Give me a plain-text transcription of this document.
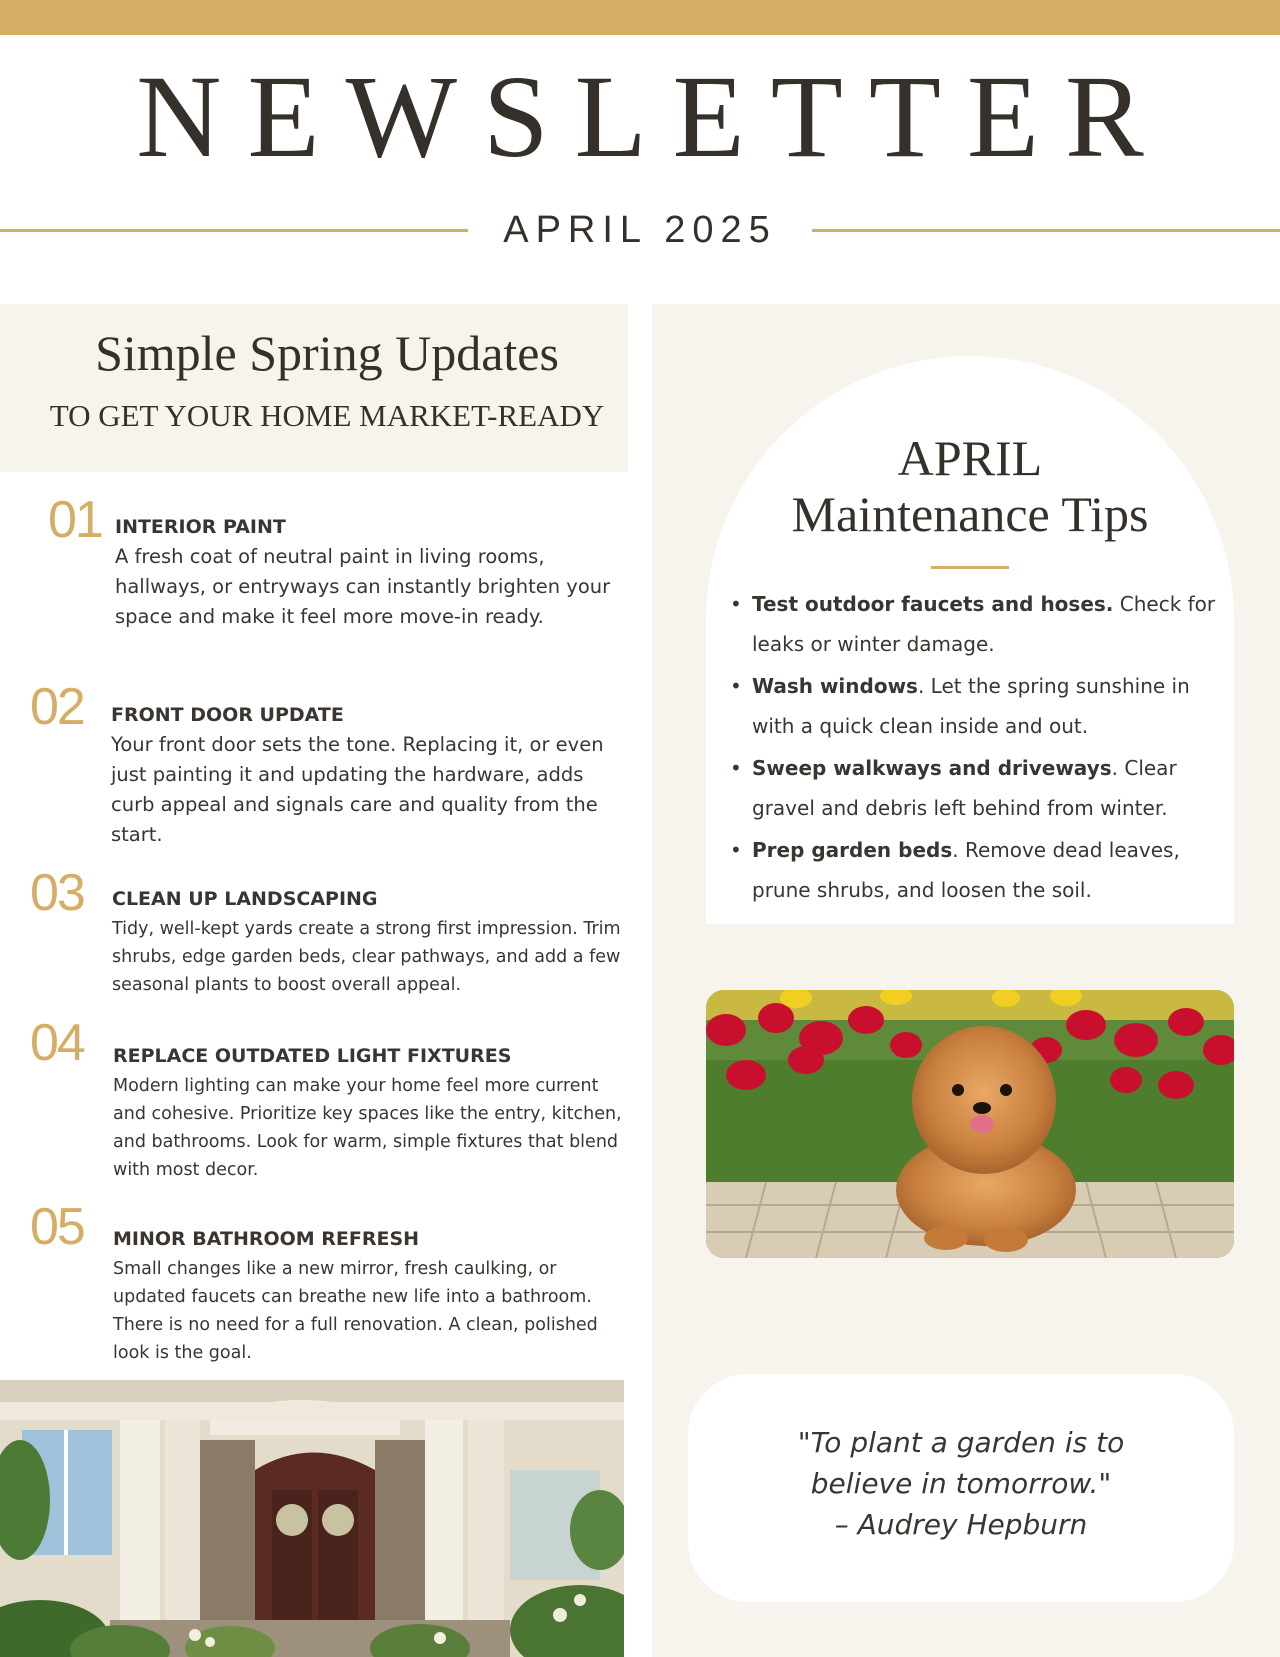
NEWSLETTER
APRIL 2025
Simple Spring Updates
TO GET YOUR HOME MARKET-READY
01 INTERIOR PAINT
A fresh coat of neutral paint in living rooms, hallways, or entryways can instantly brighten your space and make it feel more move-in ready.
02 FRONT DOOR UPDATE
Your front door sets the tone. Replacing it, or even just painting it and updating the hardware, adds curb appeal and signals care and quality from the start.
03 CLEAN UP LANDSCAPING
Tidy, well-kept yards create a strong first impression. Trim shrubs, edge garden beds, clear pathways, and add a few seasonal plants to boost overall appeal.
04 REPLACE OUTDATED LIGHT FIXTURES
Modern lighting can make your home feel more current and cohesive. Prioritize key spaces like the entry, kitchen, and bathrooms. Look for warm, simple fixtures that blend with most decor.
05 MINOR BATHROOM REFRESH
Small changes like a new mirror, fresh caulking, or updated faucets can breathe new life into a bathroom. There is no need for a full renovation. A clean, polished look is the goal.
APRIL
Maintenance Tips
• Test outdoor faucets and hoses. Check for leaks or winter damage.
• Wash windows. Let the spring sunshine in with a quick clean inside and out.
• Sweep walkways and driveways. Clear gravel and debris left behind from winter.
• Prep garden beds. Remove dead leaves, prune shrubs, and loosen the soil.
"To plant a garden is to
believe in tomorrow."
– Audrey Hepburn
